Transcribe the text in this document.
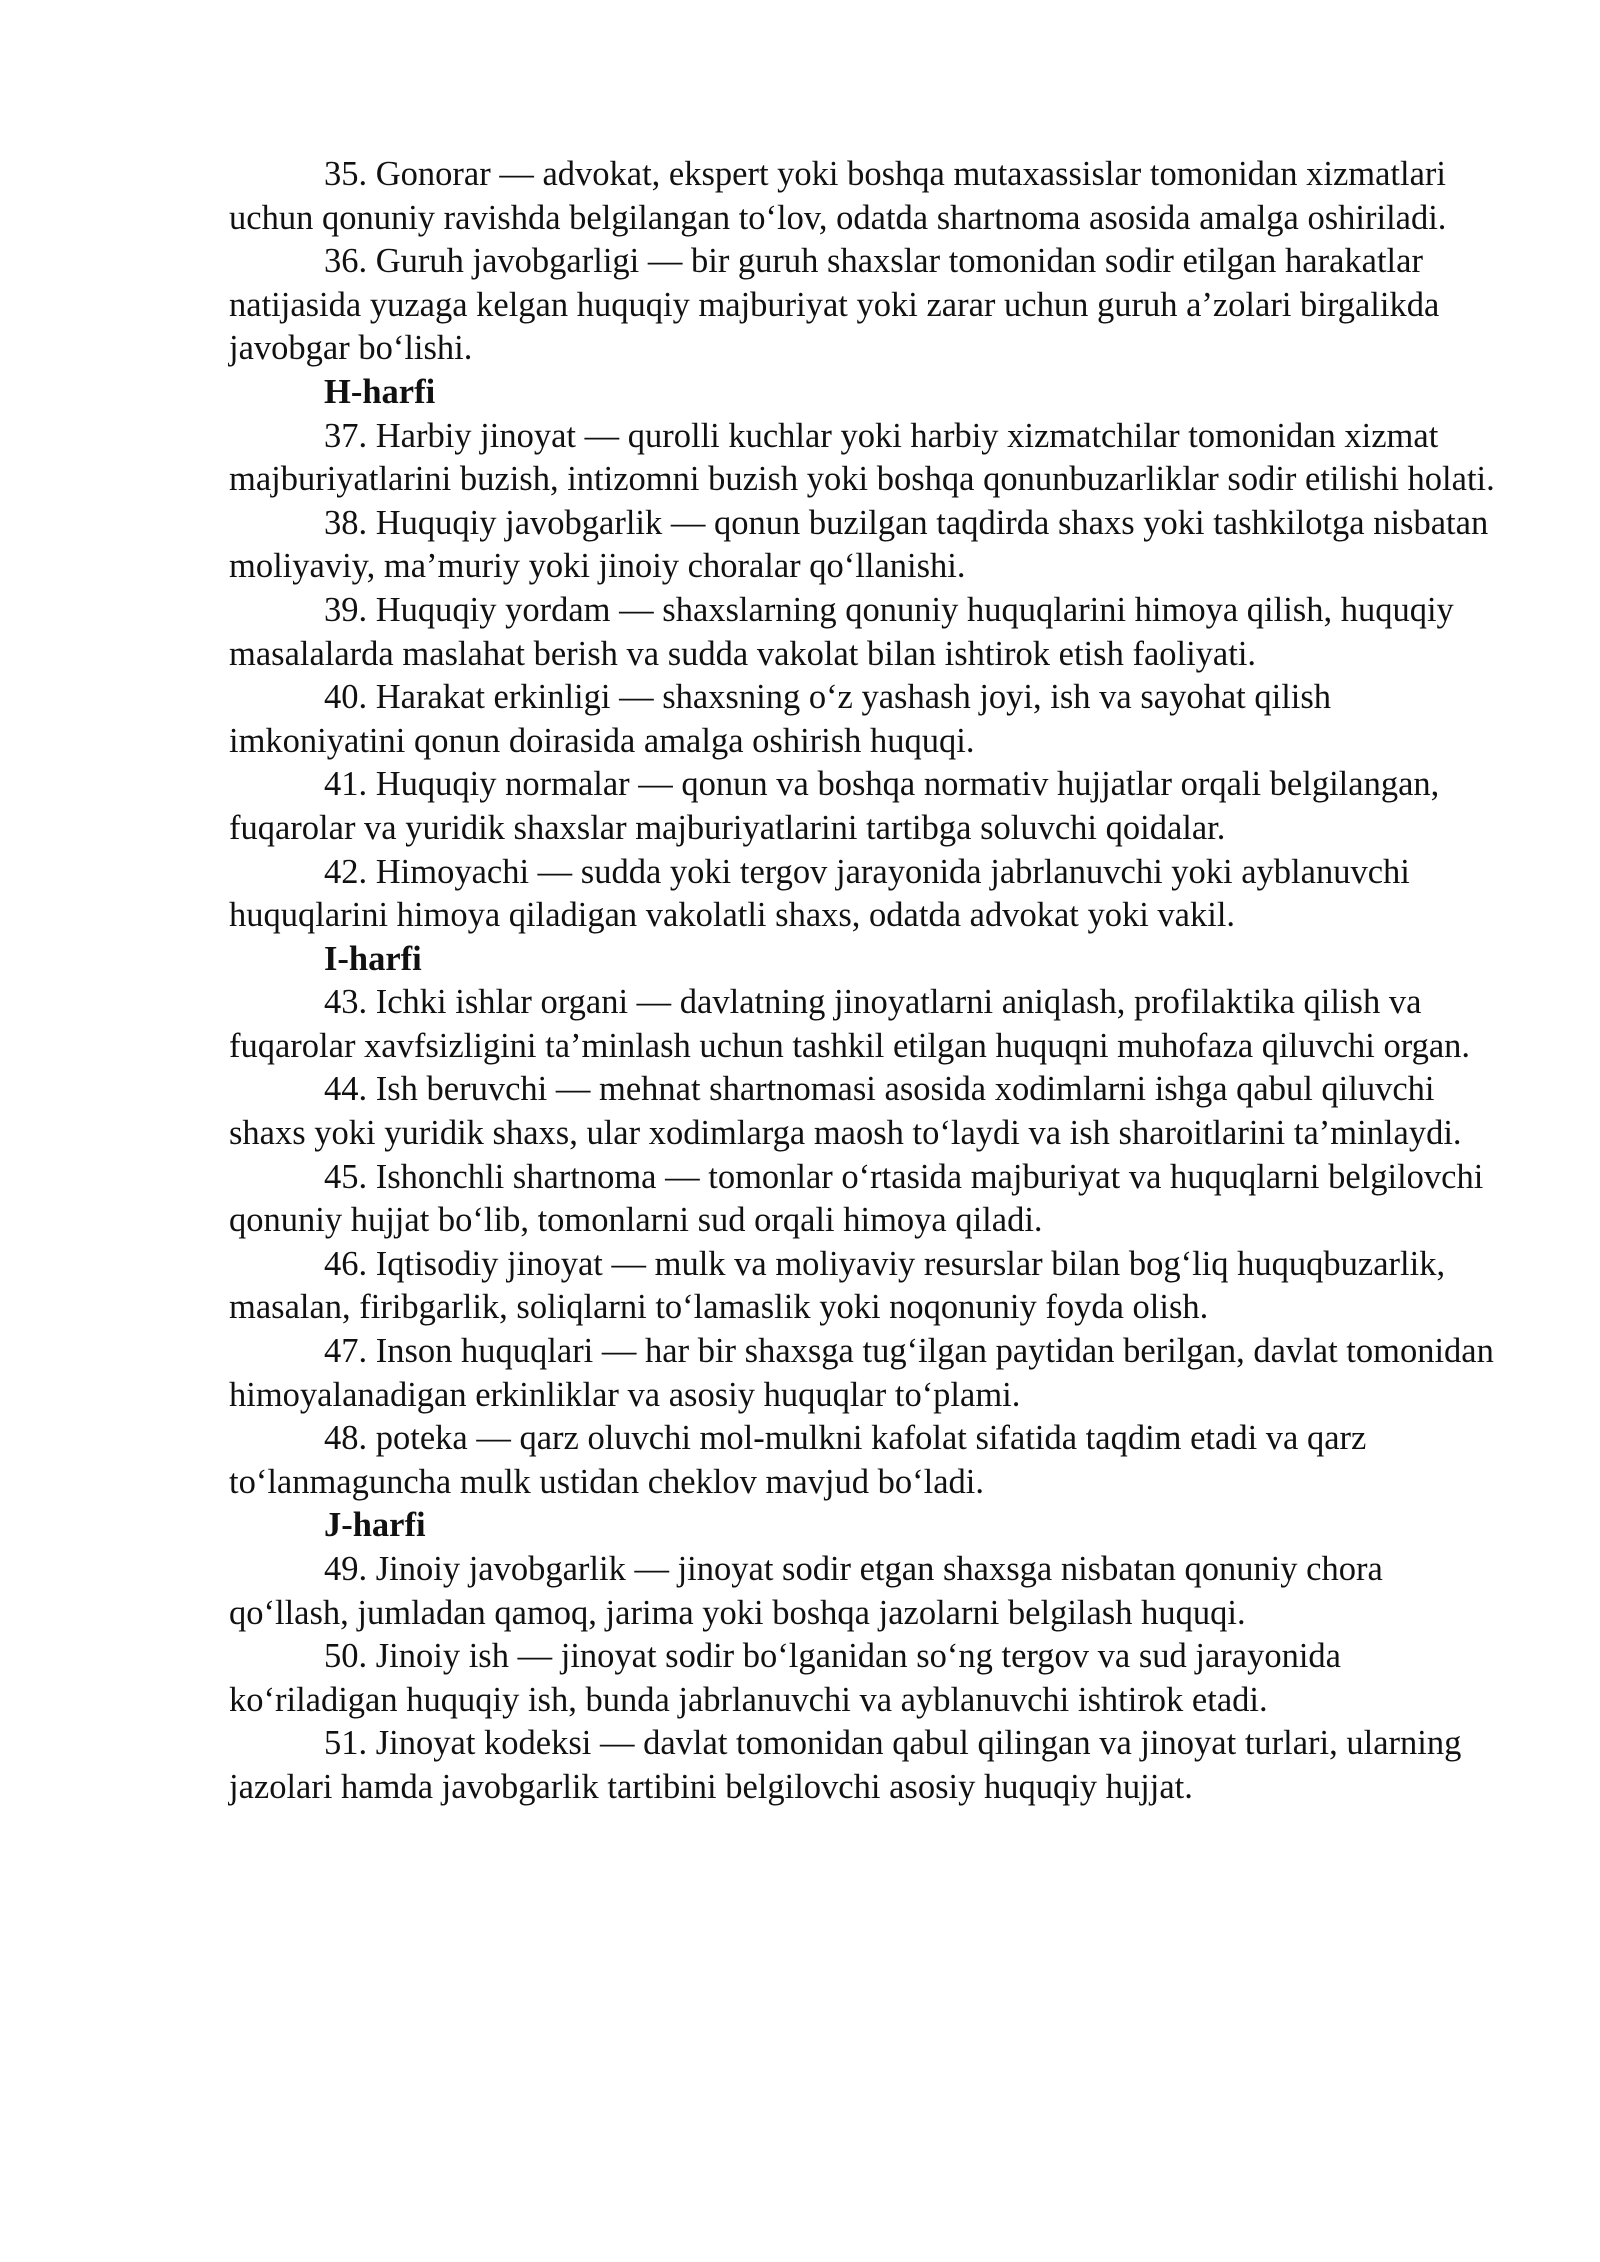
35. Gonorar — advokat, ekspert yoki boshqa mutaxassislar tomonidan xizmatlari uchun qonuniy ravishda belgilangan to‘lov, odatda shartnoma asosida amalga oshiriladi.

36. Guruh javobgarligi — bir guruh shaxslar tomonidan sodir etilgan harakatlar natijasida yuzaga kelgan huquqiy majburiyat yoki zarar uchun guruh a’zolari birgalikda javobgar bo‘lishi.

H-harfi

37. Harbiy jinoyat — qurolli kuchlar yoki harbiy xizmatchilar tomonidan xizmat majburiyatlarini buzish, intizomni buzish yoki boshqa qonunbuzarliklar sodir etilishi holati.

38. Huquqiy javobgarlik — qonun buzilgan taqdirda shaxs yoki tashkilotga nisbatan moliyaviy, ma’muriy yoki jinoiy choralar qo‘llanishi.

39. Huquqiy yordam — shaxslarning qonuniy huquqlarini himoya qilish, huquqiy masalalarda maslahat berish va sudda vakolat bilan ishtirok etish faoliyati.

40. Harakat erkinligi — shaxsning o‘z yashash joyi, ish va sayohat qilish imkoniyatini qonun doirasida amalga oshirish huquqi.

41. Huquqiy normalar — qonun va boshqa normativ hujjatlar orqali belgilangan, fuqarolar va yuridik shaxslar majburiyatlarini tartibga soluvchi qoidalar.

42. Himoyachi — sudda yoki tergov jarayonida jabrlanuvchi yoki ayblanuvchi huquqlarini himoya qiladigan vakolatli shaxs, odatda advokat yoki vakil.

I-harfi

43. Ichki ishlar organi — davlatning jinoyatlarni aniqlash, profilaktika qilish va fuqarolar xavfsizligini ta’minlash uchun tashkil etilgan huquqni muhofaza qiluvchi organ.

44. Ish beruvchi — mehnat shartnomasi asosida xodimlarni ishga qabul qiluvchi shaxs yoki yuridik shaxs, ular xodimlarga maosh to‘laydi va ish sharoitlarini ta’minlaydi.

45. Ishonchli shartnoma — tomonlar o‘rtasida majburiyat va huquqlarni belgilovchi qonuniy hujjat bo‘lib, tomonlarni sud orqali himoya qiladi.

46. Iqtisodiy jinoyat — mulk va moliyaviy resurslar bilan bog‘liq huquqbuzarlik, masalan, firibgarlik, soliqlarni to‘lamaslik yoki noqonuniy foyda olish.

47. Inson huquqlari — har bir shaxsga tug‘ilgan paytidan berilgan, davlat tomonidan himoyalanadigan erkinliklar va asosiy huquqlar to‘plami.

48. poteka — qarz oluvchi mol-mulkni kafolat sifatida taqdim etadi va qarz to‘lanmaguncha mulk ustidan cheklov mavjud bo‘ladi.

J-harfi

49. Jinoiy javobgarlik — jinoyat sodir etgan shaxsga nisbatan qonuniy chora qo‘llash, jumladan qamoq, jarima yoki boshqa jazolarni belgilash huquqi.

50. Jinoiy ish — jinoyat sodir bo‘lganidan so‘ng tergov va sud jarayonida ko‘riladigan huquqiy ish, bunda jabrlanuvchi va ayblanuvchi ishtirok etadi.

51. Jinoyat kodeksi — davlat tomonidan qabul qilingan va jinoyat turlari, ularning jazolari hamda javobgarlik tartibini belgilovchi asosiy huquqiy hujjat.
